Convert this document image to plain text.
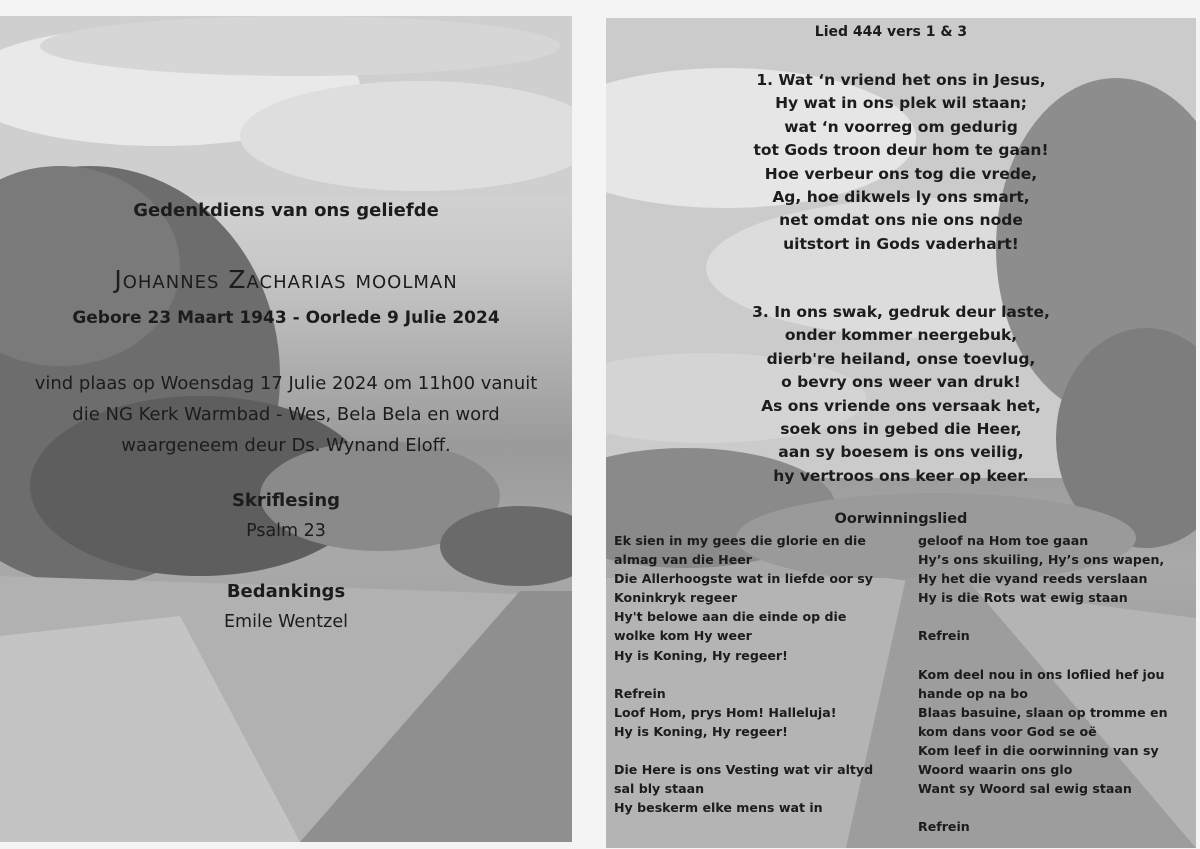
Gedenkdiens van ons geliefde
Johannes Zacharias moolman
Gebore 23 Maart 1943 - Oorlede 9 Julie 2024
vind plaas op Woensdag 17 Julie 2024 om 11h00 vanuit
die NG Kerk Warmbad - Wes, Bela Bela en word
waargeneem deur Ds. Wynand Eloff.
Skriflesing
Psalm 23
Bedankings
Emile Wentzel
Lied 444 vers 1 & 3
1. Wat ‘n vriend het ons in Jesus,
Hy wat in ons plek wil staan;
wat ‘n voorreg om gedurig
tot Gods troon deur hom te gaan!
Hoe verbeur ons tog die vrede,
Ag, hoe dikwels ly ons smart,
net omdat ons nie ons node
uitstort in Gods vaderhart!
3. In ons swak, gedruk deur laste,
onder kommer neergebuk,
dierb're heiland, onse toevlug,
o bevry ons weer van druk!
As ons vriende ons versaak het,
soek ons in gebed die Heer,
aan sy boesem is ons veilig,
hy vertroos ons keer op keer.
Oorwinningslied
Ek sien in my gees die glorie en die
almag van die Heer
Die Allerhoogste wat in liefde oor sy
Koninkryk regeer
Hy't belowe aan die einde op die
wolke kom Hy weer
Hy is Koning, Hy regeer!
Refrein
Loof Hom, prys Hom! Halleluja!
Hy is Koning, Hy regeer!
Die Here is ons Vesting wat vir altyd
sal bly staan
Hy beskerm elke mens wat in
geloof na Hom toe gaan
Hy’s ons skuiling, Hy’s ons wapen,
Hy het die vyand reeds verslaan
Hy is die Rots wat ewig staan
Refrein
Kom deel nou in ons loflied hef jou
hande op na bo
Blaas basuine, slaan op tromme en
kom dans voor God se oë
Kom leef in die oorwinning van sy
Woord waarin ons glo
Want sy Woord sal ewig staan
Refrein
